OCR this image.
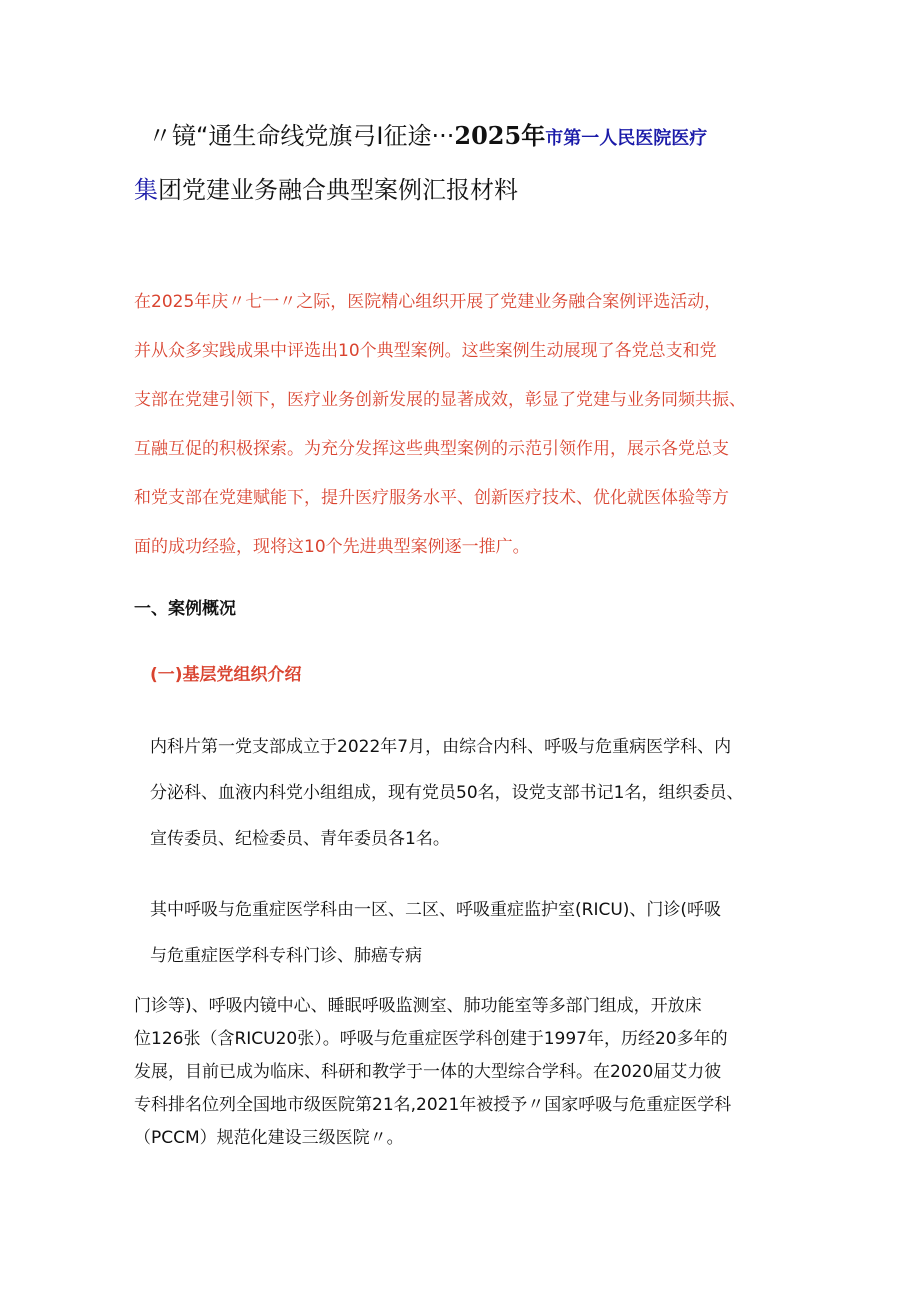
〃镜“通生命线党旗弓I征途···2025年市第一人民医院医疗
集团党建业务融合典型案例汇报材料

在2025年庆〃七一〃之际，医院精心组织开展了党建业务融合案例评选活动，

并从众多实践成果中评选出10个典型案例。这些案例生动展现了各党总支和党

支部在党建引领下，医疗业务创新发展的显著成效，彰显了党建与业务同频共振、

互融互促的积极探索。为充分发挥这些典型案例的示范引领作用，展示各党总支

和党支部在党建赋能下，提升医疗服务水平、创新医疗技术、优化就医体验等方

面的成功经验，现将这10个先进典型案例逐一推广。

一、案例概况
(一)基层党组织介绍

内科片第一党支部成立于2022年7月，由综合内科、呼吸与危重病医学科、内

分泌科、血液内科党小组组成，现有党员50名，设党支部书记1名，组织委员、

宣传委员、纪检委员、青年委员各1名。

其中呼吸与危重症医学科由一区、二区、呼吸重症监护室(RICU)、门诊(呼吸

与危重症医学科专科门诊、肺癌专病

门诊等)、呼吸内镜中心、睡眠呼吸监测室、肺功能室等多部门组成，开放床

位126张（含RICU20张）。呼吸与危重症医学科创建于1997年，历经20多年的

发展，目前已成为临床、科研和教学于一体的大型综合学科。在2020届艾力彼

专科排名位列全国地市级医院第21名,2021年被授予〃国家呼吸与危重症医学科

（PCCM）规范化建设三级医院〃。
